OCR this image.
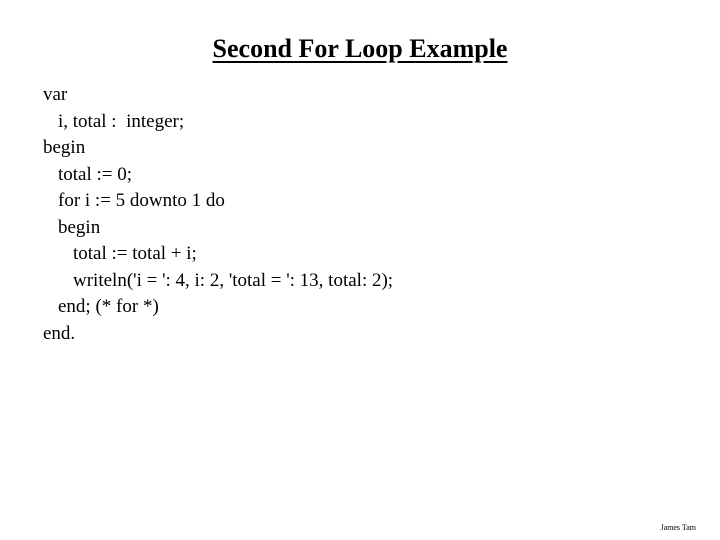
Second For Loop Example
var
i, total :  integer;
begin
total := 0;
for i := 5 downto 1 do
begin
total := total + i;
writeln('i = ': 4, i: 2, 'total = ': 13, total: 2);
end; (* for *)
end.
James Tam
